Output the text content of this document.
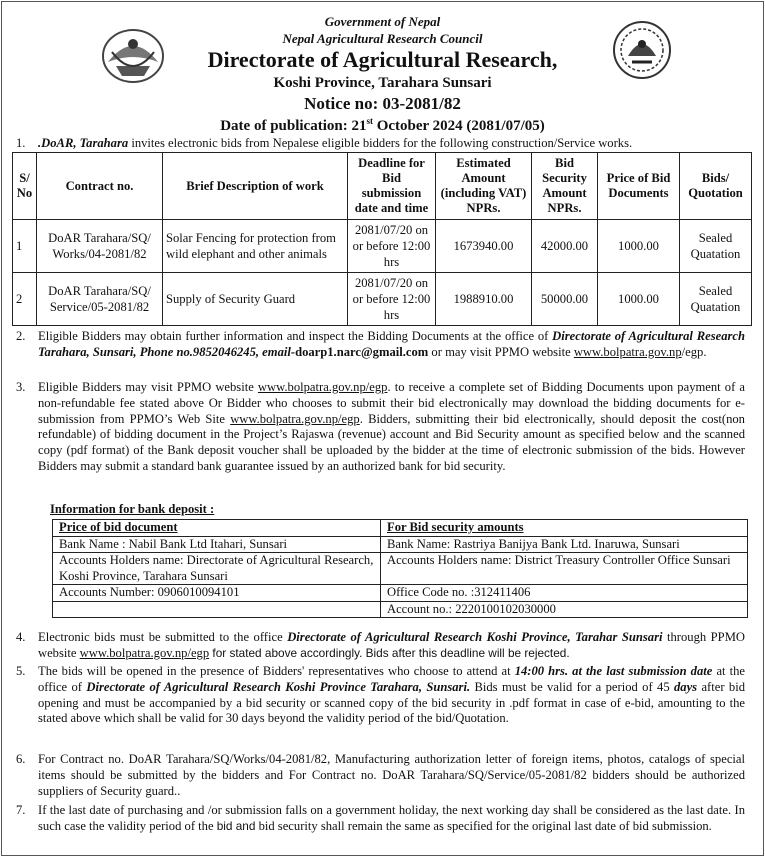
Government of Nepal
Nepal Agricultural Research Council
Directorate of Agricultural Research,
Koshi Province, Tarahara Sunsari
Notice no: 03-2081/82
Date of publication: 21st October 2024 (2081/07/05)
1. .DoAR, Tarahara invites electronic bids from Nepalese eligible bidders for the following construction/Service works.
S/ No	Contract no.	Brief Description of work	Deadline for Bid submission date and time	Estimated Amount (including VAT) NPRs.	Bid Security Amount NPRs.	Price of Bid Documents	Bids/ Quotation
1	DoAR Tarahara/SQ/ Works/04-2081/82	Solar Fencing for protection from wild elephant and other animals	2081/07/20 on or before 12:00 hrs	1673940.00	42000.00	1000.00	Sealed Quatation
2	DoAR Tarahara/SQ/ Service/05-2081/82	Supply of Security Guard	2081/07/20 on or before 12:00 hrs	1988910.00	50000.00	1000.00	Sealed Quatation
2. Eligible Bidders may obtain further information and inspect the Bidding Documents at the office of Directorate of Agricultural Research Tarahara, Sunsari, Phone no.9852046245, email-doarp1.narc@gmail.com or may visit PPMO website www.bolpatra.gov.np/egp.
3. Eligible Bidders may visit PPMO website www.bolpatra.gov.np/egp. to receive a complete set of Bidding Documents upon payment of a non-refundable fee stated above Or Bidder who chooses to submit their bid electronically may download the bidding documents for e-submission from PPMO’s Web Site www.bolpatra.gov.np/egp. Bidders, submitting their bid electronically, should deposit the cost(non refundable) of bidding document in the Project’s Rajaswa (revenue) account and Bid Security amount as specified below and the scanned copy (pdf format) of the Bank deposit voucher shall be uploaded by the bidder at the time of electronic submission of the bids. However Bidders may submit a standard bank guarantee issued by an authorized bank for bid security.
Information for bank deposit :
Price of bid document	For Bid security amounts
Bank Name : Nabil Bank Ltd Itahari, Sunsari	Bank Name: Rastriya Banijya Bank Ltd. Inaruwa, Sunsari
Accounts Holders name: Directorate of Agricultural Research, Koshi Province, Tarahara Sunsari	Accounts Holders name: District Treasury Controller Office Sunsari
Accounts Number: 0906010094101	Office Code no. :312411406
	Account no.: 2220100102030000
4. Electronic bids must be submitted to the office Directorate of Agricultural Research Koshi Province, Tarahar Sunsari through PPMO website www.bolpatra.gov.np/egp for stated above accordingly. Bids after this deadline will be rejected.
5. The bids will be opened in the presence of Bidders' representatives who choose to attend at 14:00 hrs. at the last submission date at the office of Directorate of Agricultural Research Koshi Province Tarahara, Sunsari. Bids must be valid for a period of 45 days after bid opening and must be accompanied by a bid security or scanned copy of the bid security in .pdf format in case of e-bid, amounting to the stated above which shall be valid for 30 days beyond the validity period of the bid/Quotation.
6. For Contract no. DoAR Tarahara/SQ/Works/04-2081/82, Manufacturing authorization letter of foreign items, photos, catalogs of special items should be submitted by the bidders and For Contract no. DoAR Tarahara/SQ/Service/05-2081/82 bidders should be authorized suppliers of Security guard..
7. If the last date of purchasing and /or submission falls on a government holiday, the next working day shall be considered as the last date. In such case the validity period of the bid and bid security shall remain the same as specified for the original last date of bid submission.
